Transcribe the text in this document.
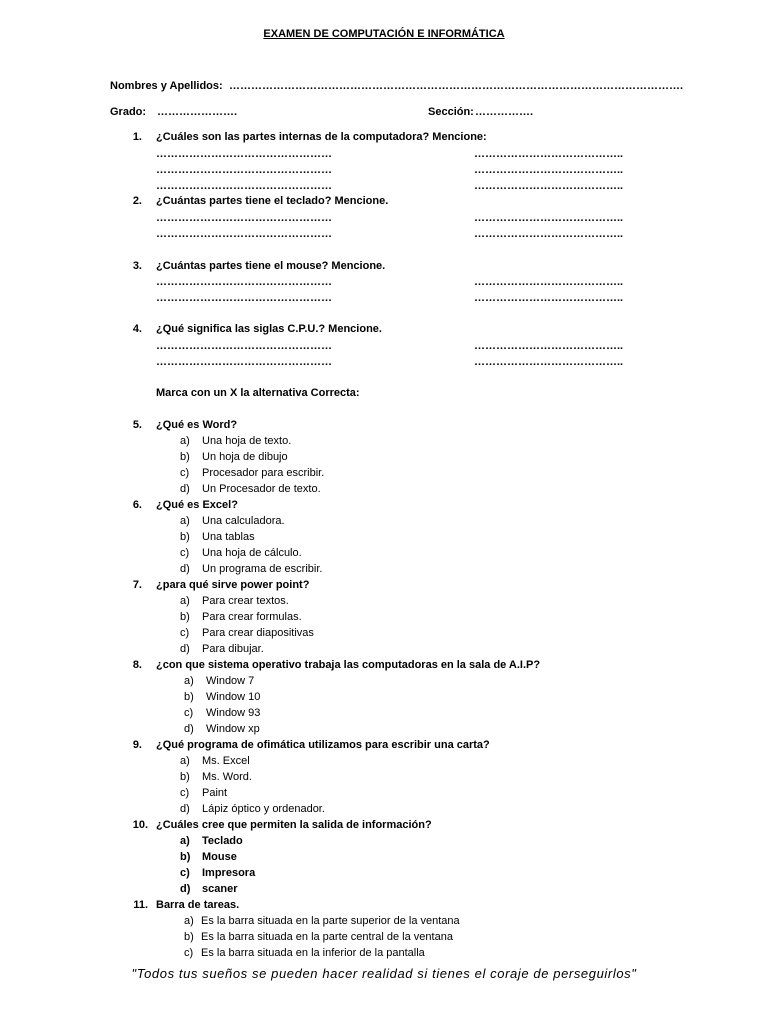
EXAMEN DE COMPUTACIÓN E INFORMÁTICA
Nombres y Apellidos: …………………………………………………………………………………………………………….
Grado: ………………….	Sección: …………….
1. ¿Cuáles son las partes internas de la computadora? Mencione:
…………………………………………	…………………………………..
…………………………………………	…………………………………..
…………………………………………	…………………………………..
2. ¿Cuántas partes tiene el teclado? Mencione.
…………………………………………	…………………………………..
…………………………………………	…………………………………..
3. ¿Cuántas partes tiene el mouse? Mencione.
…………………………………………	…………………………………..
…………………………………………	…………………………………..
4. ¿Qué significa las siglas C.P.U.? Mencione.
…………………………………………	…………………………………..
…………………………………………	…………………………………..
Marca con un X la alternativa Correcta:
5. ¿Qué es Word?
a) Una hoja de texto.
b) Un hoja de dibujo
c) Procesador para escribir.
d) Un Procesador de texto.
6. ¿Qué es Excel?
a) Una calculadora.
b) Una tablas
c) Una hoja de cálculo.
d) Un programa de escribir.
7. ¿para qué sirve power point?
a) Para crear textos.
b) Para crear formulas.
c) Para crear diapositivas
d) Para dibujar.
8. ¿con que sistema operativo trabaja las computadoras en la sala de A.I.P?
a) Window 7
b) Window 10
c) Window 93
d) Window xp
9. ¿Qué programa de ofimática utilizamos para escribir una carta?
a) Ms. Excel
b) Ms. Word.
c) Paint
d) Lápiz óptico y ordenador.
10. ¿Cuáles cree que permiten la salida de información?
a) Teclado
b) Mouse
c) Impresora
d) scaner
11. Barra de tareas.
a) Es la barra situada en la parte superior de la ventana
b) Es la barra situada en la parte central de la ventana
c) Es la barra situada en la inferior de la pantalla
"Todos tus sueños se pueden hacer realidad si tienes el coraje de perseguirlos"
